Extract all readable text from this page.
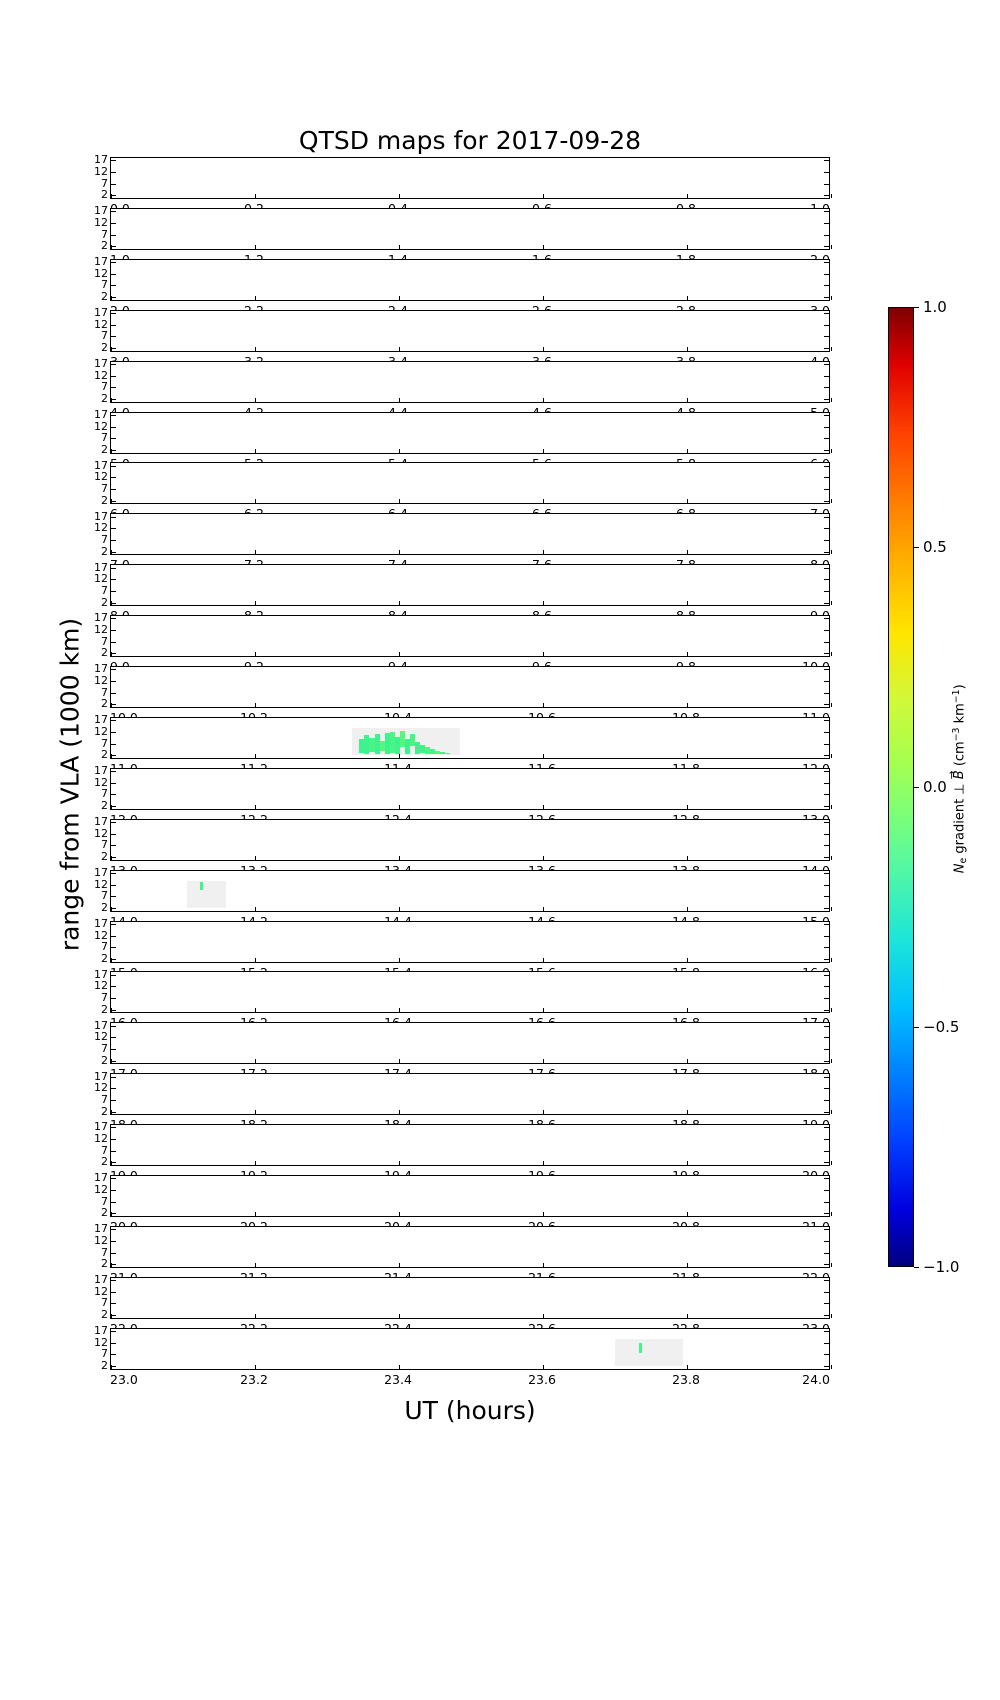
QTSD maps for 2017-09-28
range from VLA (1000 km)
2
7
12
17
2
7
12
17
2
7
12
17
2
7
12
17
2
7
12
17
2
7
12
17
2
7
12
17
2
7
12
17
2
7
12
17
2
7
12
17
2
7
12
17
2
7
12
17
2
7
12
17
2
7
12
17
2
7
12
17
2
7
12
17
2
7
12
17
2
7
12
17
2
7
12
17
2
7
12
17
2
7
12
17
2
7
12
17
2
7
12
17
2
7
12
17
23.0	23.2	23.4	23.6	23.8	24.0
UT (hours)
1.0
0.5
0.0
−0.5
−1.0
$N_e$ gradient ⊥ → B ($cm^{-3}$ $km^{-1}$)
